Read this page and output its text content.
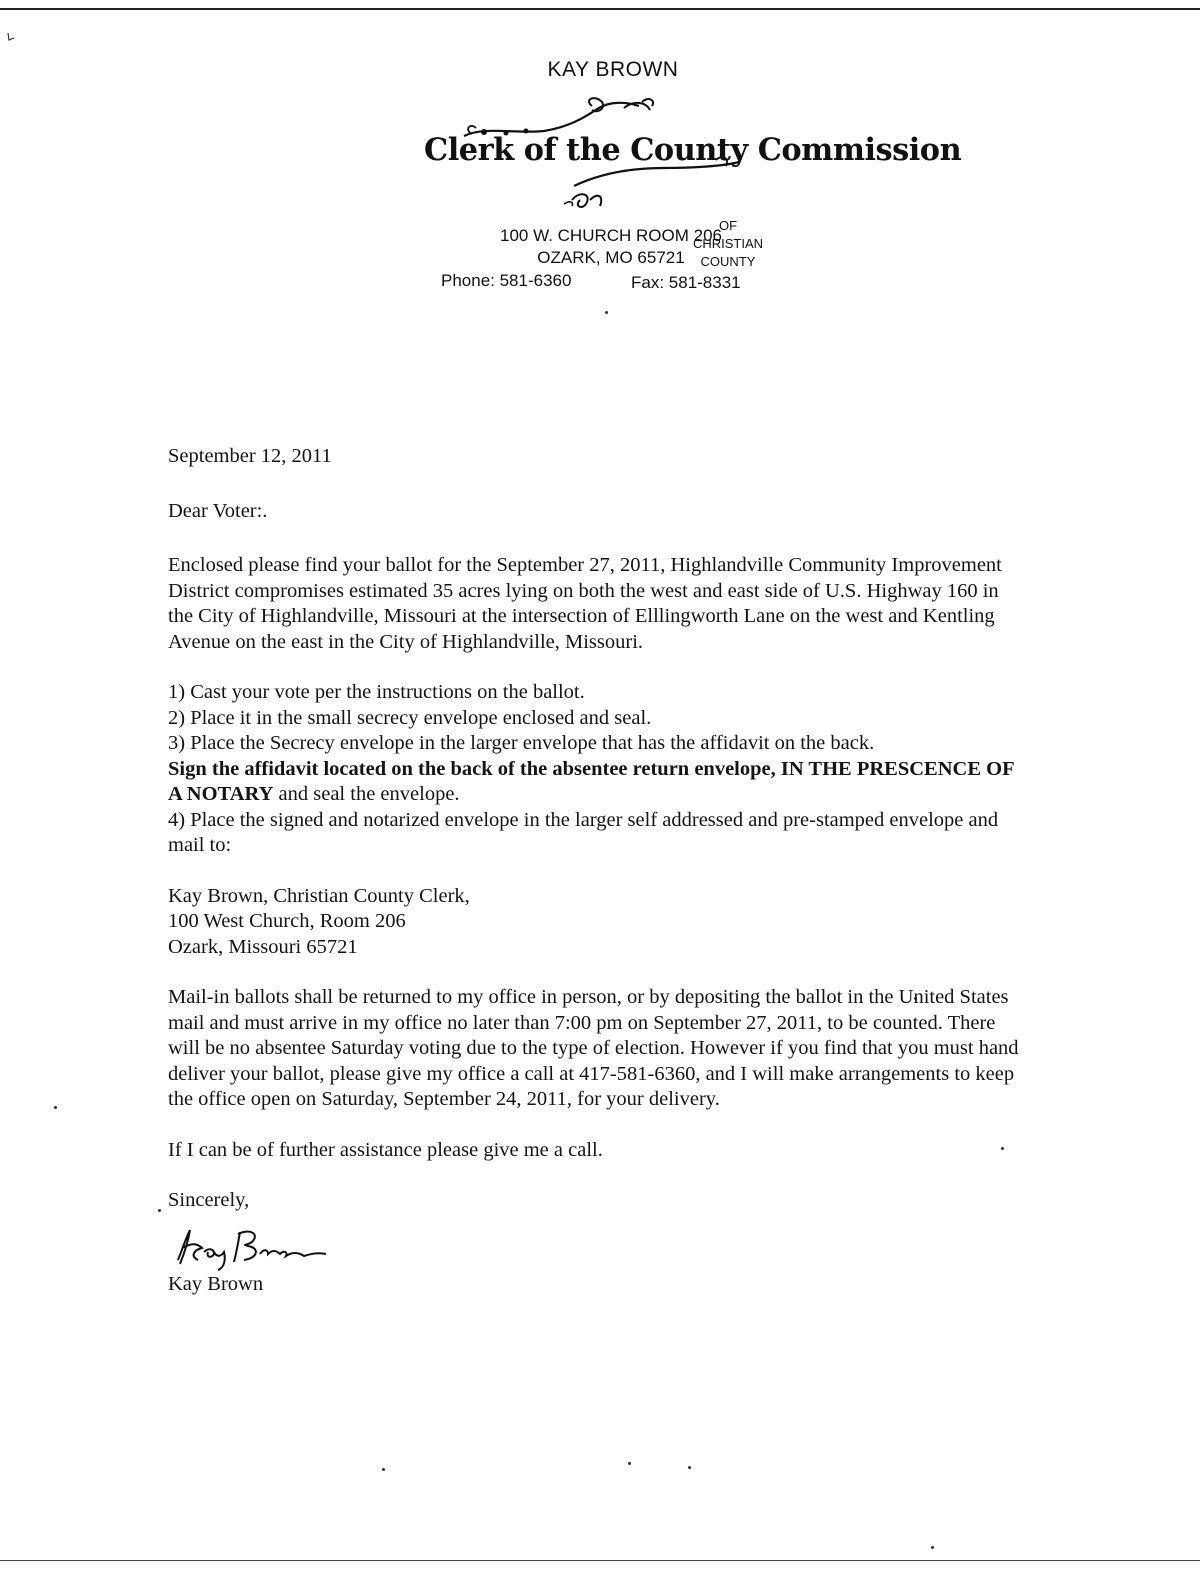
KAY BROWN
Clerk of the County Commission
OF
CHRISTIAN
COUNTY
100 W. CHURCH ROOM 206
OZARK, MO 65721
Phone: 581-6360	Fax: 581-8331

September 12, 2011

Dear Voter:.

Enclosed please find your ballot for the September 27, 2011, Highlandville Community Improvement District compromises estimated 35 acres lying on both the west and east side of U.S. Highway 160 in the City of Highlandville, Missouri at the intersection of Elllingworth Lane on the west and Kentling Avenue on the east in the City of Highlandville, Missouri.

1) Cast your vote per the instructions on the ballot.
2) Place it in the small secrecy envelope enclosed and seal.
3) Place the Secrecy envelope in the larger envelope that has the affidavit on the back.
Sign the affidavit located on the back of the absentee return envelope, IN THE PRESCENCE OF A NOTARY and seal the envelope.
4) Place the signed and notarized envelope in the larger self addressed and pre-stamped envelope and mail to:

Kay Brown, Christian County Clerk,
100 West Church, Room 206
Ozark, Missouri 65721

Mail-in ballots shall be returned to my office in person, or by depositing the ballot in the United States mail and must arrive in my office no later than 7:00 pm on September 27, 2011, to be counted. There will be no absentee Saturday voting due to the type of election. However if you find that you must hand deliver your ballot, please give my office a call at 417-581-6360, and I will make arrangements to keep the office open on Saturday, September 24, 2011, for your delivery.

If I can be of further assistance please give me a call.

Sincerely,

Kay Brown
